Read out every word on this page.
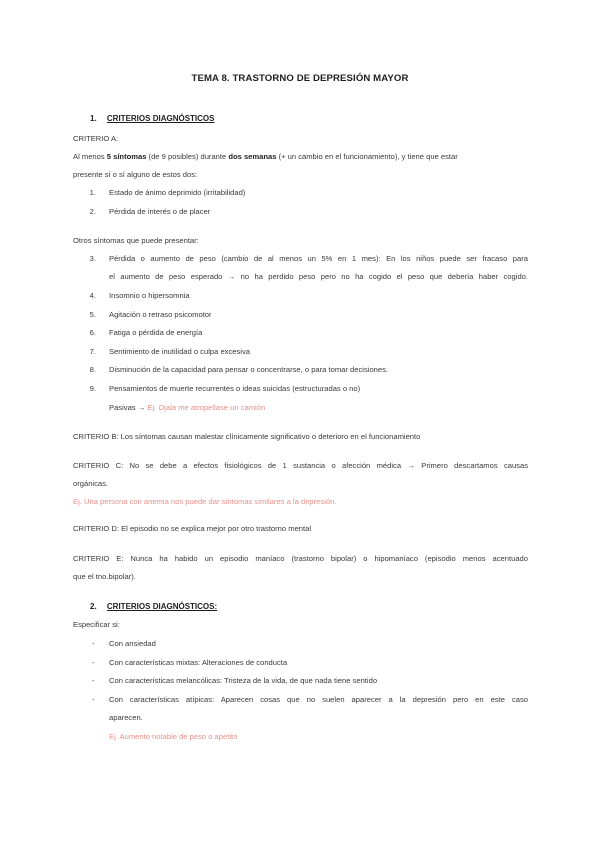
TEMA 8. TRASTORNO DE DEPRESIÓN MAYOR
1. CRITERIOS DIAGNÓSTICOS
CRITERIO A:
Al menos 5 síntomas (de 9 posibles) durante dos semanas (+ un cambio en el funcionamiento), y tiene que estar
presente sí o sí alguno de estos dos:
1. Estado de ánimo deprimido (irritabilidad)
2. Pérdida de interés o de placer
Otros síntomas que puede presentar:
3. Pérdida o aumento de peso (cambio de al menos un 5% en 1 mes): En los niños puede ser fracaso para
el aumento de peso esperado → no ha perdido peso pero no ha cogido el peso que debería haber cogido.
4. Insomnio o hipersomnia
5. Agitación o retraso psicomotor
6. Fatiga o pérdida de energía
7. Sentimiento de inutilidad o culpa excesiva
8. Disminución de la capacidad para pensar o concentrarse, o para tomar decisiones.
9. Pensamientos de muerte recurrentes o ideas suicidas (estructuradas o no)
Pasivas → Ej. Ojala me atropellase un camión
CRITERIO B: Los síntomas causan malestar clínicamente significativo o deterioro en el funcionamiento
CRITERIO C: No se debe a efectos fisiológicos de 1 sustancia o afección médica → Primero descartamos causas
orgánicas.
Ej. Una persona con anemia nos puede dar síntomas similares a la depresión.
CRITERIO D: El episodio no se explica mejor por otro trastorno mental
CRITERIO E: Nunca ha habido un episodio maníaco (trastorno bipolar) o hipomaníaco (episodio menos acentuado
que el tno.bipolar).
2. CRITERIOS DIAGNÓSTICOS:
Especificar si:
- Con ansiedad
- Con características mixtas: Alteraciones de conducta
- Con características melancólicas: Tristeza de la vida, de que nada tiene sentido
- Con características atípicas: Aparecen cosas que no suelen aparecer a la depresión pero en este caso
aparecen.
Ej. Aumento notable de peso o apetito
